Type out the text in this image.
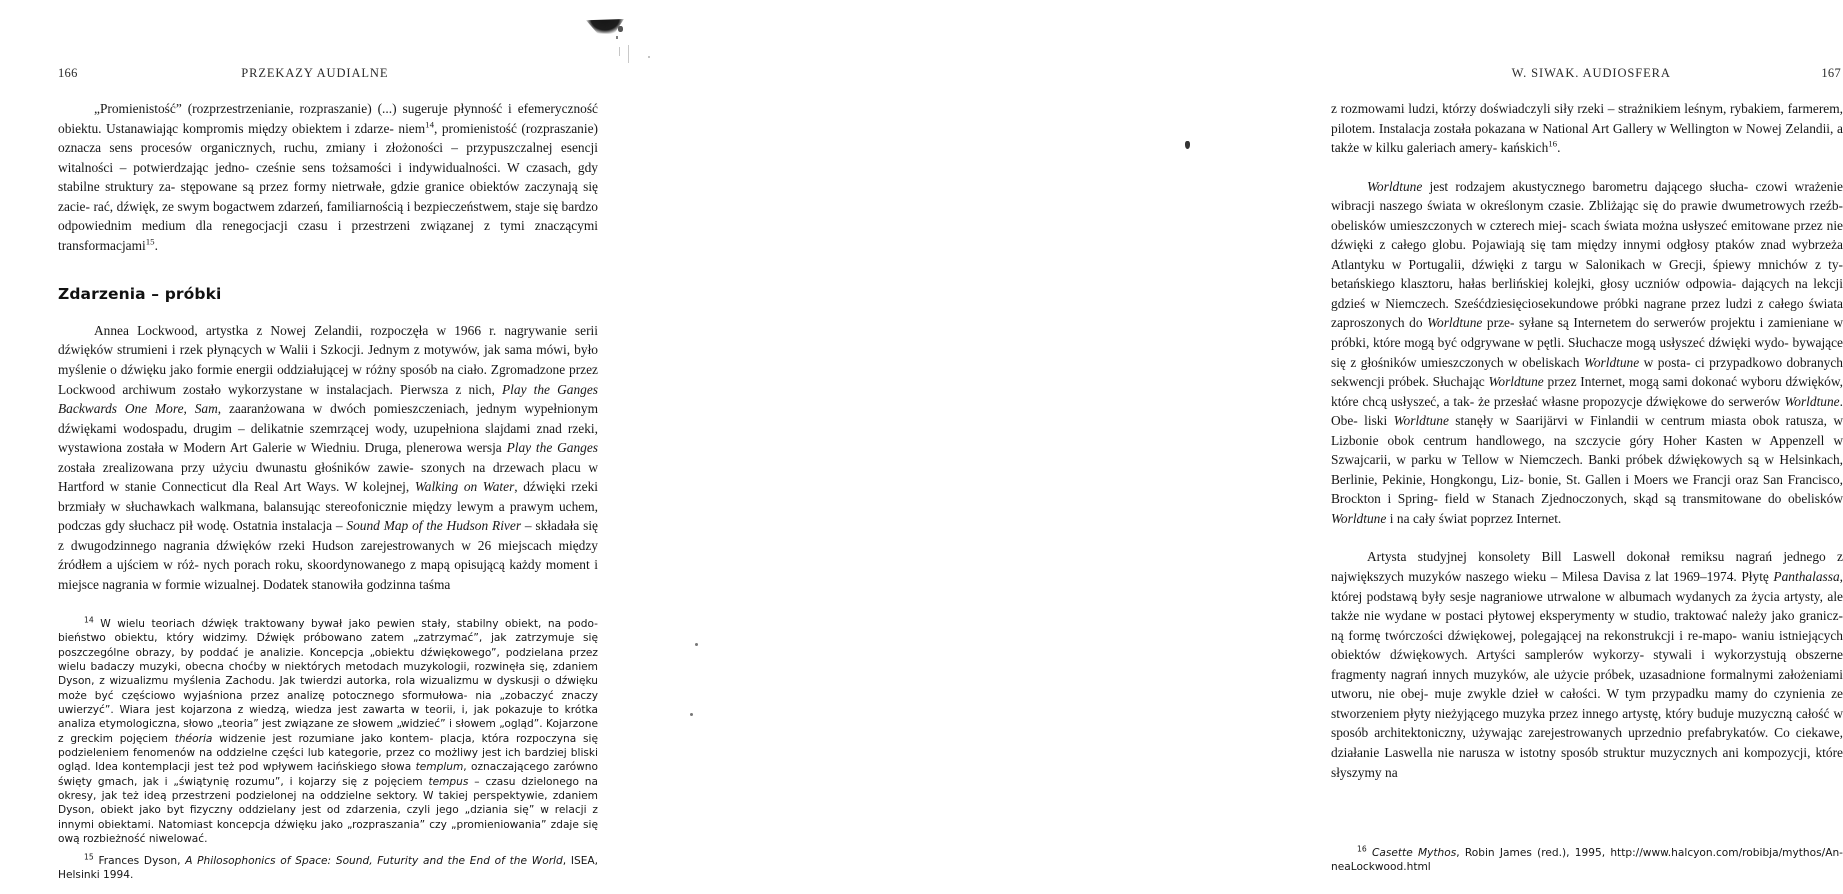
166	PRZEKAZY AUDIALNE

„Promienistość” (rozprzestrzenianie, rozpraszanie) (...) sugeruje płynność i efemeryczność obiektu. Ustanawiając kompromis między obiektem i zdarze- niem$^{14}$, promienistość (rozpraszanie) oznacza sens procesów organicznych, ruchu, zmiany i złożoności – przypuszczalnej esencji witalności – potwierdzając jedno- cześnie sens tożsamości i indywidualności. W czasach, gdy stabilne struktury za- stępowane są przez formy nietrwałe, gdzie granice obiektów zaczynają się zacie- rać, dźwięk, ze swym bogactwem zdarzeń, familiarnością i bezpieczeństwem, staje się bardzo odpowiednim medium dla renegocjacji czasu i przestrzeni związanej z tymi znaczącymi transformacjami$^{15}$.

Zdarzenia – próbki

Annea Lockwood, artystka z Nowej Zelandii, rozpoczęła w 1966 r. nagrywanie serii dźwięków strumieni i rzek płynących w Walii i Szkocji. Jednym z motywów, jak sama mówi, było myślenie o dźwięku jako formie energii oddziałującej w różny sposób na ciało. Zgromadzone przez Lockwood archiwum zostało wykorzystane w instalacjach. Pierwsza z nich, Play the Ganges Backwards One More, Sam, zaaranżowana w dwóch pomieszczeniach, jednym wypełnionym dźwiękami wodospadu, drugim – delikatnie szemrzącej wody, uzupełniona slajdami znad rzeki, wystawiona została w Modern Art Galerie w Wiedniu. Druga, plenerowa wersja Play the Ganges została zrealizowana przy użyciu dwunastu głośników zawie- szonych na drzewach placu w Hartford w stanie Connecticut dla Real Art Ways. W kolejnej, Walking on Water, dźwięki rzeki brzmiały w słuchawkach walkmana, balansując stereofonicznie między lewym a prawym uchem, podczas gdy słuchacz pił wodę. Ostatnia instalacja – Sound Map of the Hudson River – składała się z dwugodzinnego nagrania dźwięków rzeki Hudson zarejestrowanych w 26 miejscach między źródłem a ujściem w róż- nych porach roku, skoordynowanego z mapą opisującą każdy moment i miejsce nagrania w formie wizualnej. Dodatek stanowiła godzinna taśma

$^{14}$ W wielu teoriach dźwięk traktowany bywał jako pewien stały, stabilny obiekt, na podo- bieństwo obiektu, który widzimy. Dźwięk próbowano zatem „zatrzymać”, jak zatrzymuje się poszczególne obrazy, by poddać je analizie. Koncepcja „obiektu dźwiękowego”, podzielana przez wielu badaczy muzyki, obecna choćby w niektórych metodach muzykologii, rozwinęła się, zdaniem Dyson, z wizualizmu myślenia Zachodu. Jak twierdzi autorka, rola wizualizmu w dyskusji o dźwięku może być częściowo wyjaśniona przez analizę potocznego sformułowa- nia „zobaczyć znaczy uwierzyć”. Wiara jest kojarzona z wiedzą, wiedza jest zawarta w teorii, i, jak pokazuje to krótka analiza etymologiczna, słowo „teoria” jest związane ze słowem „widzieć” i słowem „ogląd”. Kojarzone z greckim pojęciem théoria widzenie jest rozumiane jako kontem- placja, która rozpoczyna się podzieleniem fenomenów na oddzielne części lub kategorie, przez co możliwy jest ich bardziej bliski ogląd. Idea kontemplacji jest też pod wpływem łacińskiego słowa templum, oznaczającego zarówno święty gmach, jak i „świątynię rozumu”, i kojarzy się z pojęciem tempus – czasu dzielonego na okresy, jak też ideą przestrzeni podzielonej na oddzielne sektory. W takiej perspektywie, zdaniem Dyson, obiekt jako byt fizyczny oddzielany jest od zdarzenia, czyli jego „dziania się” w relacji z innymi obiektami. Natomiast koncepcja dźwięku jako „rozpraszania” czy „promieniowania” zdaje się ową rozbieżność niwelować.

$^{15}$ Frances Dyson, A Philosophonics of Space: Sound, Futurity and the End of the World, ISEA, Helsinki 1994.

W. SIWAK. AUDIOSFERA	167

z rozmowami ludzi, którzy doświadczyli siły rzeki – strażnikiem leśnym, rybakiem, farmerem, pilotem. Instalacja została pokazana w National Art Gallery w Wellington w Nowej Zelandii, a także w kilku galeriach amery- kańskich$^{16}$.

Worldtune jest rodzajem akustycznego barometru dającego słucha- czowi wrażenie wibracji naszego świata w określonym czasie. Zbliżając się do prawie dwumetrowych rzeźb-obelisków umieszczonych w czterech miej- scach świata można usłyszeć emitowane przez nie dźwięki z całego globu. Pojawiają się tam między innymi odgłosy ptaków znad wybrzeża Atlantyku w Portugalii, dźwięki z targu w Salonikach w Grecji, śpiewy mnichów z ty- betańskiego klasztoru, hałas berlińskiej kolejki, głosy uczniów odpowia- dających na lekcji gdzieś w Niemczech. Sześćdziesięciosekundowe próbki nagrane przez ludzi z całego świata zaproszonych do Worldtune prze- syłane są Internetem do serwerów projektu i zamieniane w próbki, które mogą być odgrywane w pętli. Słuchacze mogą usłyszeć dźwięki wydo- bywające się z głośników umieszczonych w obeliskach Worldtune w posta- ci przypadkowo dobranych sekwencji próbek. Słuchając Worldtune przez Internet, mogą sami dokonać wyboru dźwięków, które chcą usłyszeć, a tak- że przesłać własne propozycje dźwiękowe do serwerów Worldtune. Obe- liski Worldtune stanęły w Saarijärvi w Finlandii w centrum miasta obok ratusza, w Lizbonie obok centrum handlowego, na szczycie góry Hoher Kasten w Appenzell w Szwajcarii, w parku w Tellow w Niemczech. Banki próbek dźwiękowych są w Helsinkach, Berlinie, Pekinie, Hongkongu, Liz- bonie, St. Gallen i Moers we Francji oraz San Francisco, Brockton i Spring- field w Stanach Zjednoczonych, skąd są transmitowane do obelisków Worldtune i na cały świat poprzez Internet.

Artysta studyjnej konsolety Bill Laswell dokonał remiksu nagrań jednego z największych muzyków naszego wieku – Milesa Davisa z lat 1969–1974. Płytę Panthalassa, której podstawą były sesje nagraniowe utrwalone w albumach wydanych za życia artysty, ale także nie wydane w postaci płytowej eksperymenty w studio, traktować należy jako granicz- ną formę twórczości dźwiękowej, polegającej na rekonstrukcji i re-mapo- waniu istniejących obiektów dźwiękowych. Artyści samplerów wykorzy- stywali i wykorzystują obszerne fragmenty nagrań innych muzyków, ale użycie próbek, uzasadnione formalnymi założeniami utworu, nie obej- muje zwykle dzieł w całości. W tym przypadku mamy do czynienia ze stworzeniem płyty nieżyjącego muzyka przez innego artystę, który buduje muzyczną całość w sposób architektoniczny, używając zarejestrowanych uprzednio prefabrykatów. Co ciekawe, działanie Laswella nie narusza w istotny sposób struktur muzycznych ani kompozycji, które słyszymy na

$^{16}$ Casette Mythos, Robin James (red.), 1995, http://www.halcyon.com/robibja/mythos/An-neaLockwood.html
